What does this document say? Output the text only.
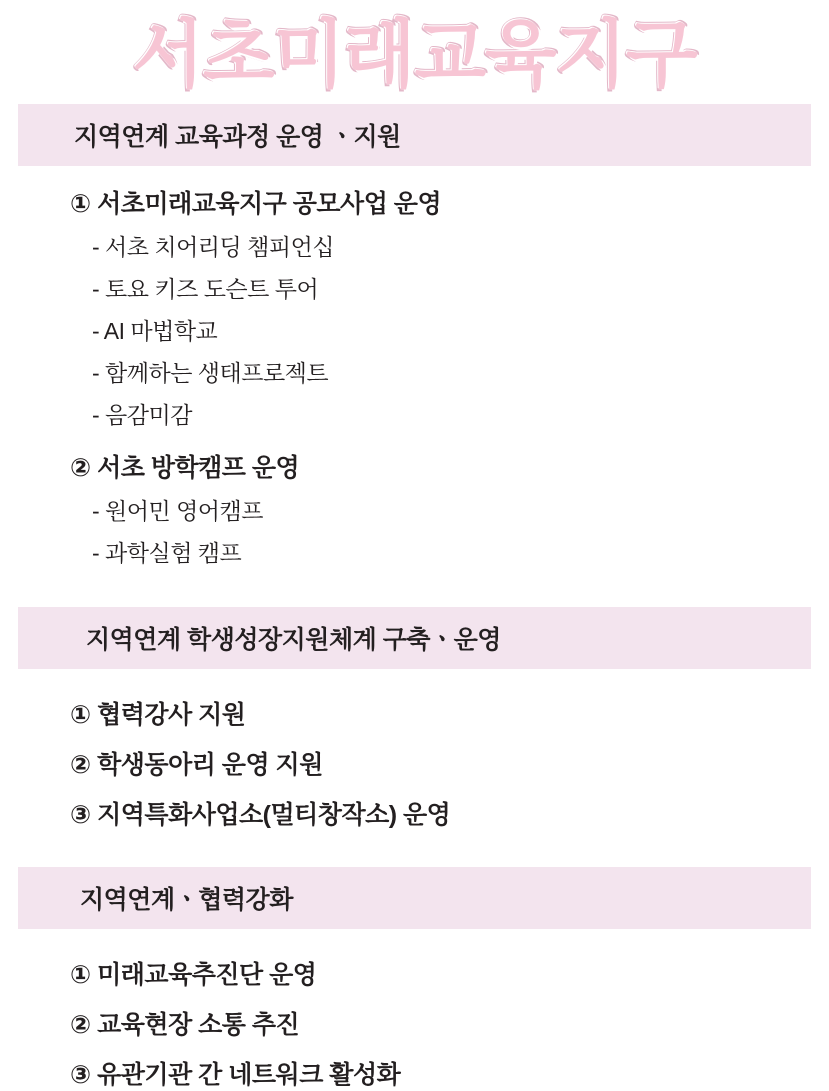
서초미래교육지구
지역연계 교육과정 운영 ㆍ지원
① 서초미래교육지구 공모사업 운영
- 서초 치어리딩 챔피언십
- 토요 키즈 도슨트 투어
- AI 마법학교
- 함께하는 생태프로젝트
- 음감미감
② 서초 방학캠프 운영
- 원어민 영어캠프
- 과학실험 캠프
지역연계 학생성장지원체계 구축ㆍ운영
① 협력강사 지원
② 학생동아리 운영 지원
③ 지역특화사업소(멀티창작소) 운영
지역연계ㆍ협력강화
① 미래교육추진단 운영
② 교육현장 소통 추진
③ 유관기관 간 네트워크 활성화
